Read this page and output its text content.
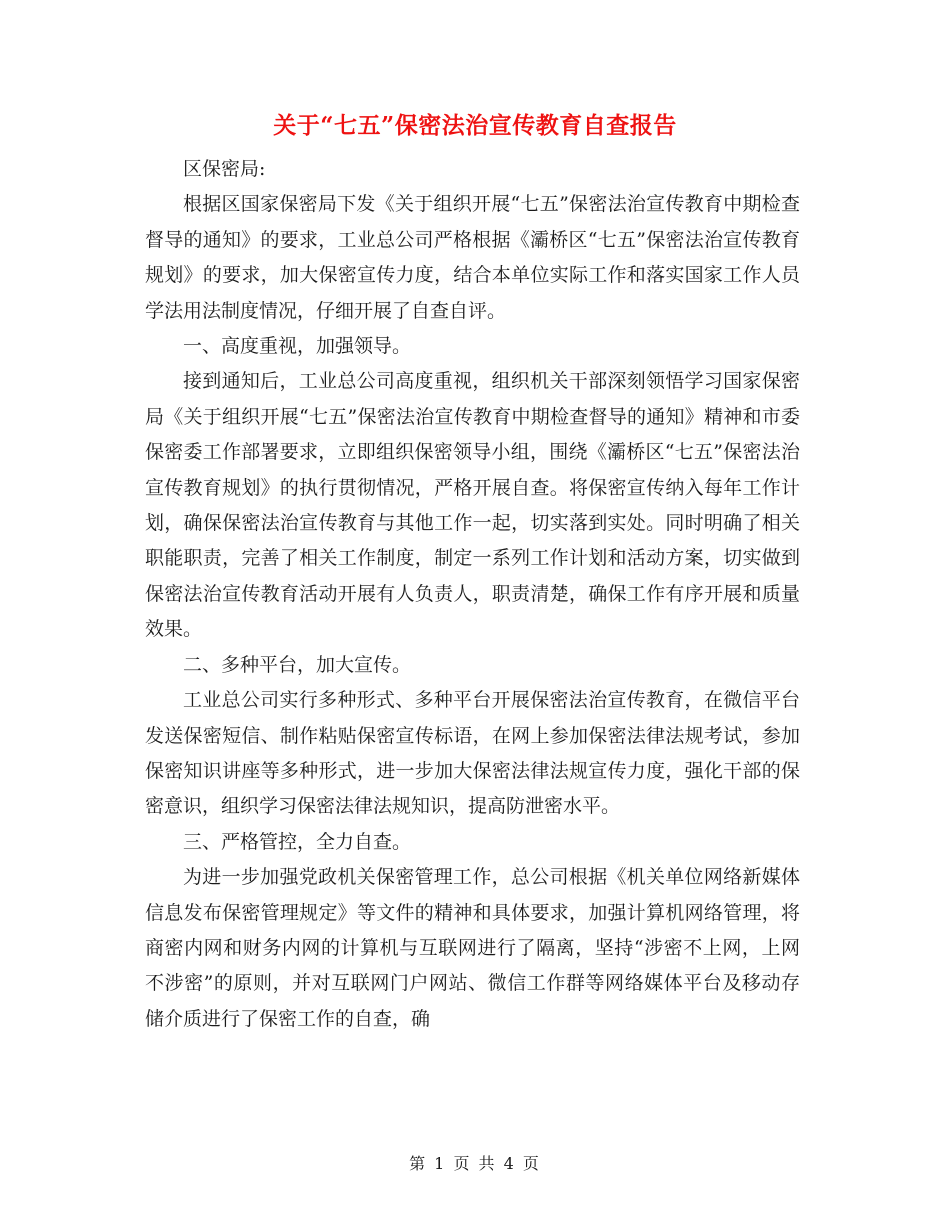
关于“七五”保密法治宣传教育自查报告

区保密局:

根据区国家保密局下发《关于组织开展“七五”保密法治宣传教育中期检查督导的通知》的要求，工业总公司严格根据《灞桥区“七五”保密法治宣传教育规划》的要求，加大保密宣传力度，结合本单位实际工作和落实国家工作人员学法用法制度情况，仔细开展了自查自评。

一、高度重视，加强领导。

接到通知后，工业总公司高度重视，组织机关干部深刻领悟学习国家保密局《关于组织开展“七五”保密法治宣传教育中期检查督导的通知》精神和市委保密委工作部署要求，立即组织保密领导小组，围绕《灞桥区“七五”保密法治宣传教育规划》的执行贯彻情况，严格开展自查。将保密宣传纳入每年工作计划，确保保密法治宣传教育与其他工作一起，切实落到实处。同时明确了相关职能职责，完善了相关工作制度，制定一系列工作计划和活动方案，切实做到保密法治宣传教育活动开展有人负责人，职责清楚，确保工作有序开展和质量效果。

二、多种平台，加大宣传。

工业总公司实行多种形式、多种平台开展保密法治宣传教育，在微信平台发送保密短信、制作粘贴保密宣传标语，在网上参加保密法律法规考试，参加保密知识讲座等多种形式，进一步加大保密法律法规宣传力度，强化干部的保密意识，组织学习保密法律法规知识，提高防泄密水平。

三、严格管控，全力自查。

为进一步加强党政机关保密管理工作，总公司根据《机关单位网络新媒体信息发布保密管理规定》等文件的精神和具体要求，加强计算机网络管理，将商密内网和财务内网的计算机与互联网进行了隔离，坚持“涉密不上网，上网不涉密”的原则，并对互联网门户网站、微信工作群等网络媒体平台及移动存储介质进行了保密工作的自查，确

第 1 页 共 4 页
